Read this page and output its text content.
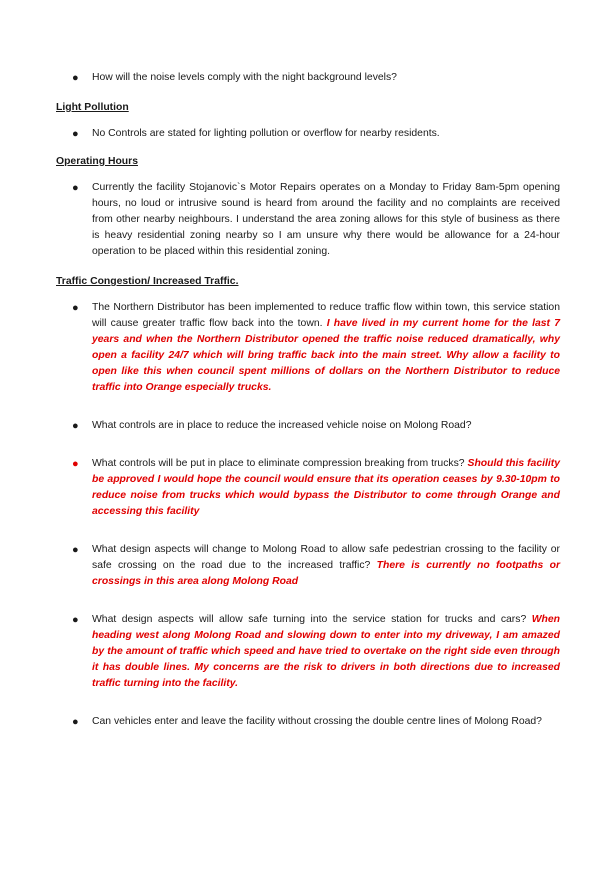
● How will the noise levels comply with the night background levels?
Light Pollution
● No Controls are stated for lighting pollution or overflow for nearby residents.
Operating Hours
● Currently the facility Stojanovic`s Motor Repairs operates on a Monday to Friday 8am-5pm opening hours, no loud or intrusive sound is heard from around the facility and no complaints are received from other nearby neighbours. I understand the area zoning allows for this style of business as there is heavy residential zoning nearby so I am unsure why there would be allowance for a 24-hour operation to be placed within this residential zoning.
Traffic Congestion/ Increased Traffic.
● The Northern Distributor has been implemented to reduce traffic flow within town, this service station will cause greater traffic flow back into the town. I have lived in my current home for the last 7 years and when the Northern Distributor opened the traffic noise reduced dramatically, why open a facility 24/7 which will bring traffic back into the main street. Why allow a facility to open like this when council spent millions of dollars on the Northern Distributor to reduce traffic into Orange especially trucks.
● What controls are in place to reduce the increased vehicle noise on Molong Road?
● What controls will be put in place to eliminate compression breaking from trucks? Should this facility be approved I would hope the council would ensure that its operation ceases by 9.30-10pm to reduce noise from trucks which would bypass the Distributor to come through Orange and accessing this facility
● What design aspects will change to Molong Road to allow safe pedestrian crossing to the facility or safe crossing on the road due to the increased traffic? There is currently no footpaths or crossings in this area along Molong Road
● What design aspects will allow safe turning into the service station for trucks and cars? When heading west along Molong Road and slowing down to enter into my driveway, I am amazed by the amount of traffic which speed and have tried to overtake on the right side even through it has double lines. My concerns are the risk to drivers in both directions due to increased traffic turning into the facility.
● Can vehicles enter and leave the facility without crossing the double centre lines of Molong Road?
